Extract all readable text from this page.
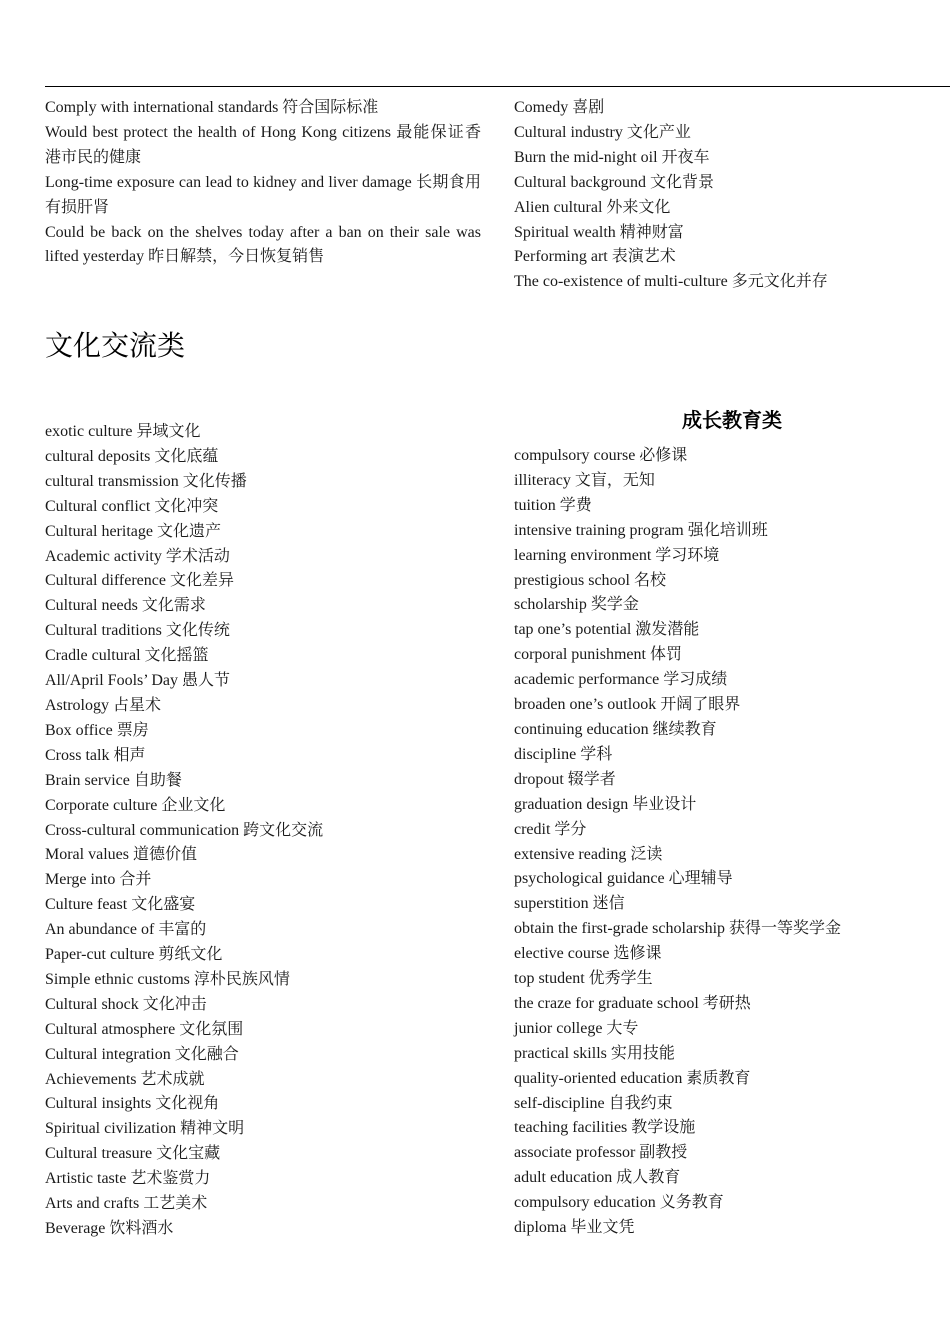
Comply with international standards 符合国际标准

Would best protect the health of Hong Kong citizens 最能保证香港市民的健康

Long-time exposure can lead to kidney and liver damage 长期食用有损肝肾

Could be back on the shelves today after a ban on their sale was lifted yesterday 昨日解禁，今日恢复销售

Comedy 喜剧

Cultural industry 文化产业

Burn the mid-night oil 开夜车

Cultural background 文化背景

Alien cultural 外来文化

Spiritual wealth 精神财富

Performing art 表演艺术

The co-existence of multi-culture 多元文化并存

文化交流类
成长教育类

exotic culture 异域文化

cultural deposits 文化底蕴

cultural transmission 文化传播

Cultural conflict 文化冲突

Cultural heritage 文化遗产

Academic activity 学术活动

Cultural difference 文化差异

Cultural needs 文化需求

Cultural traditions 文化传统

Cradle cultural 文化摇篮

All/April Fools’ Day 愚人节

Astrology 占星术

Box office 票房

Cross talk 相声

Brain service 自助餐

Corporate culture 企业文化

Cross-cultural communication 跨文化交流

Moral values 道德价值

Merge into 合并

Culture feast 文化盛宴

An abundance of 丰富的

Paper-cut culture 剪纸文化

Simple ethnic customs 淳朴民族风情

Cultural shock 文化冲击

Cultural atmosphere 文化氛围

Cultural integration 文化融合

Achievements 艺术成就

Cultural insights 文化视角

Spiritual civilization 精神文明

Cultural treasure 文化宝藏

Artistic taste 艺术鉴赏力

Arts and crafts 工艺美术

Beverage 饮料酒水

compulsory course 必修课

illiteracy 文盲，无知

tuition 学费

intensive training program 强化培训班

learning environment 学习环境

prestigious school 名校

scholarship 奖学金

tap one’s potential 激发潜能

corporal punishment 体罚

academic performance 学习成绩

broaden one’s outlook 开阔了眼界

continuing education 继续教育

discipline 学科

dropout 辍学者

graduation design 毕业设计

credit 学分

extensive reading 泛读

psychological guidance 心理辅导

superstition 迷信

obtain the first-grade scholarship 获得一等奖学金

elective course 选修课

top student 优秀学生

the craze for graduate school 考研热

junior college 大专

practical skills 实用技能

quality-oriented education 素质教育

self-discipline 自我约束

teaching facilities 教学设施

associate professor 副教授

adult education 成人教育

compulsory education 义务教育

diploma 毕业文凭
